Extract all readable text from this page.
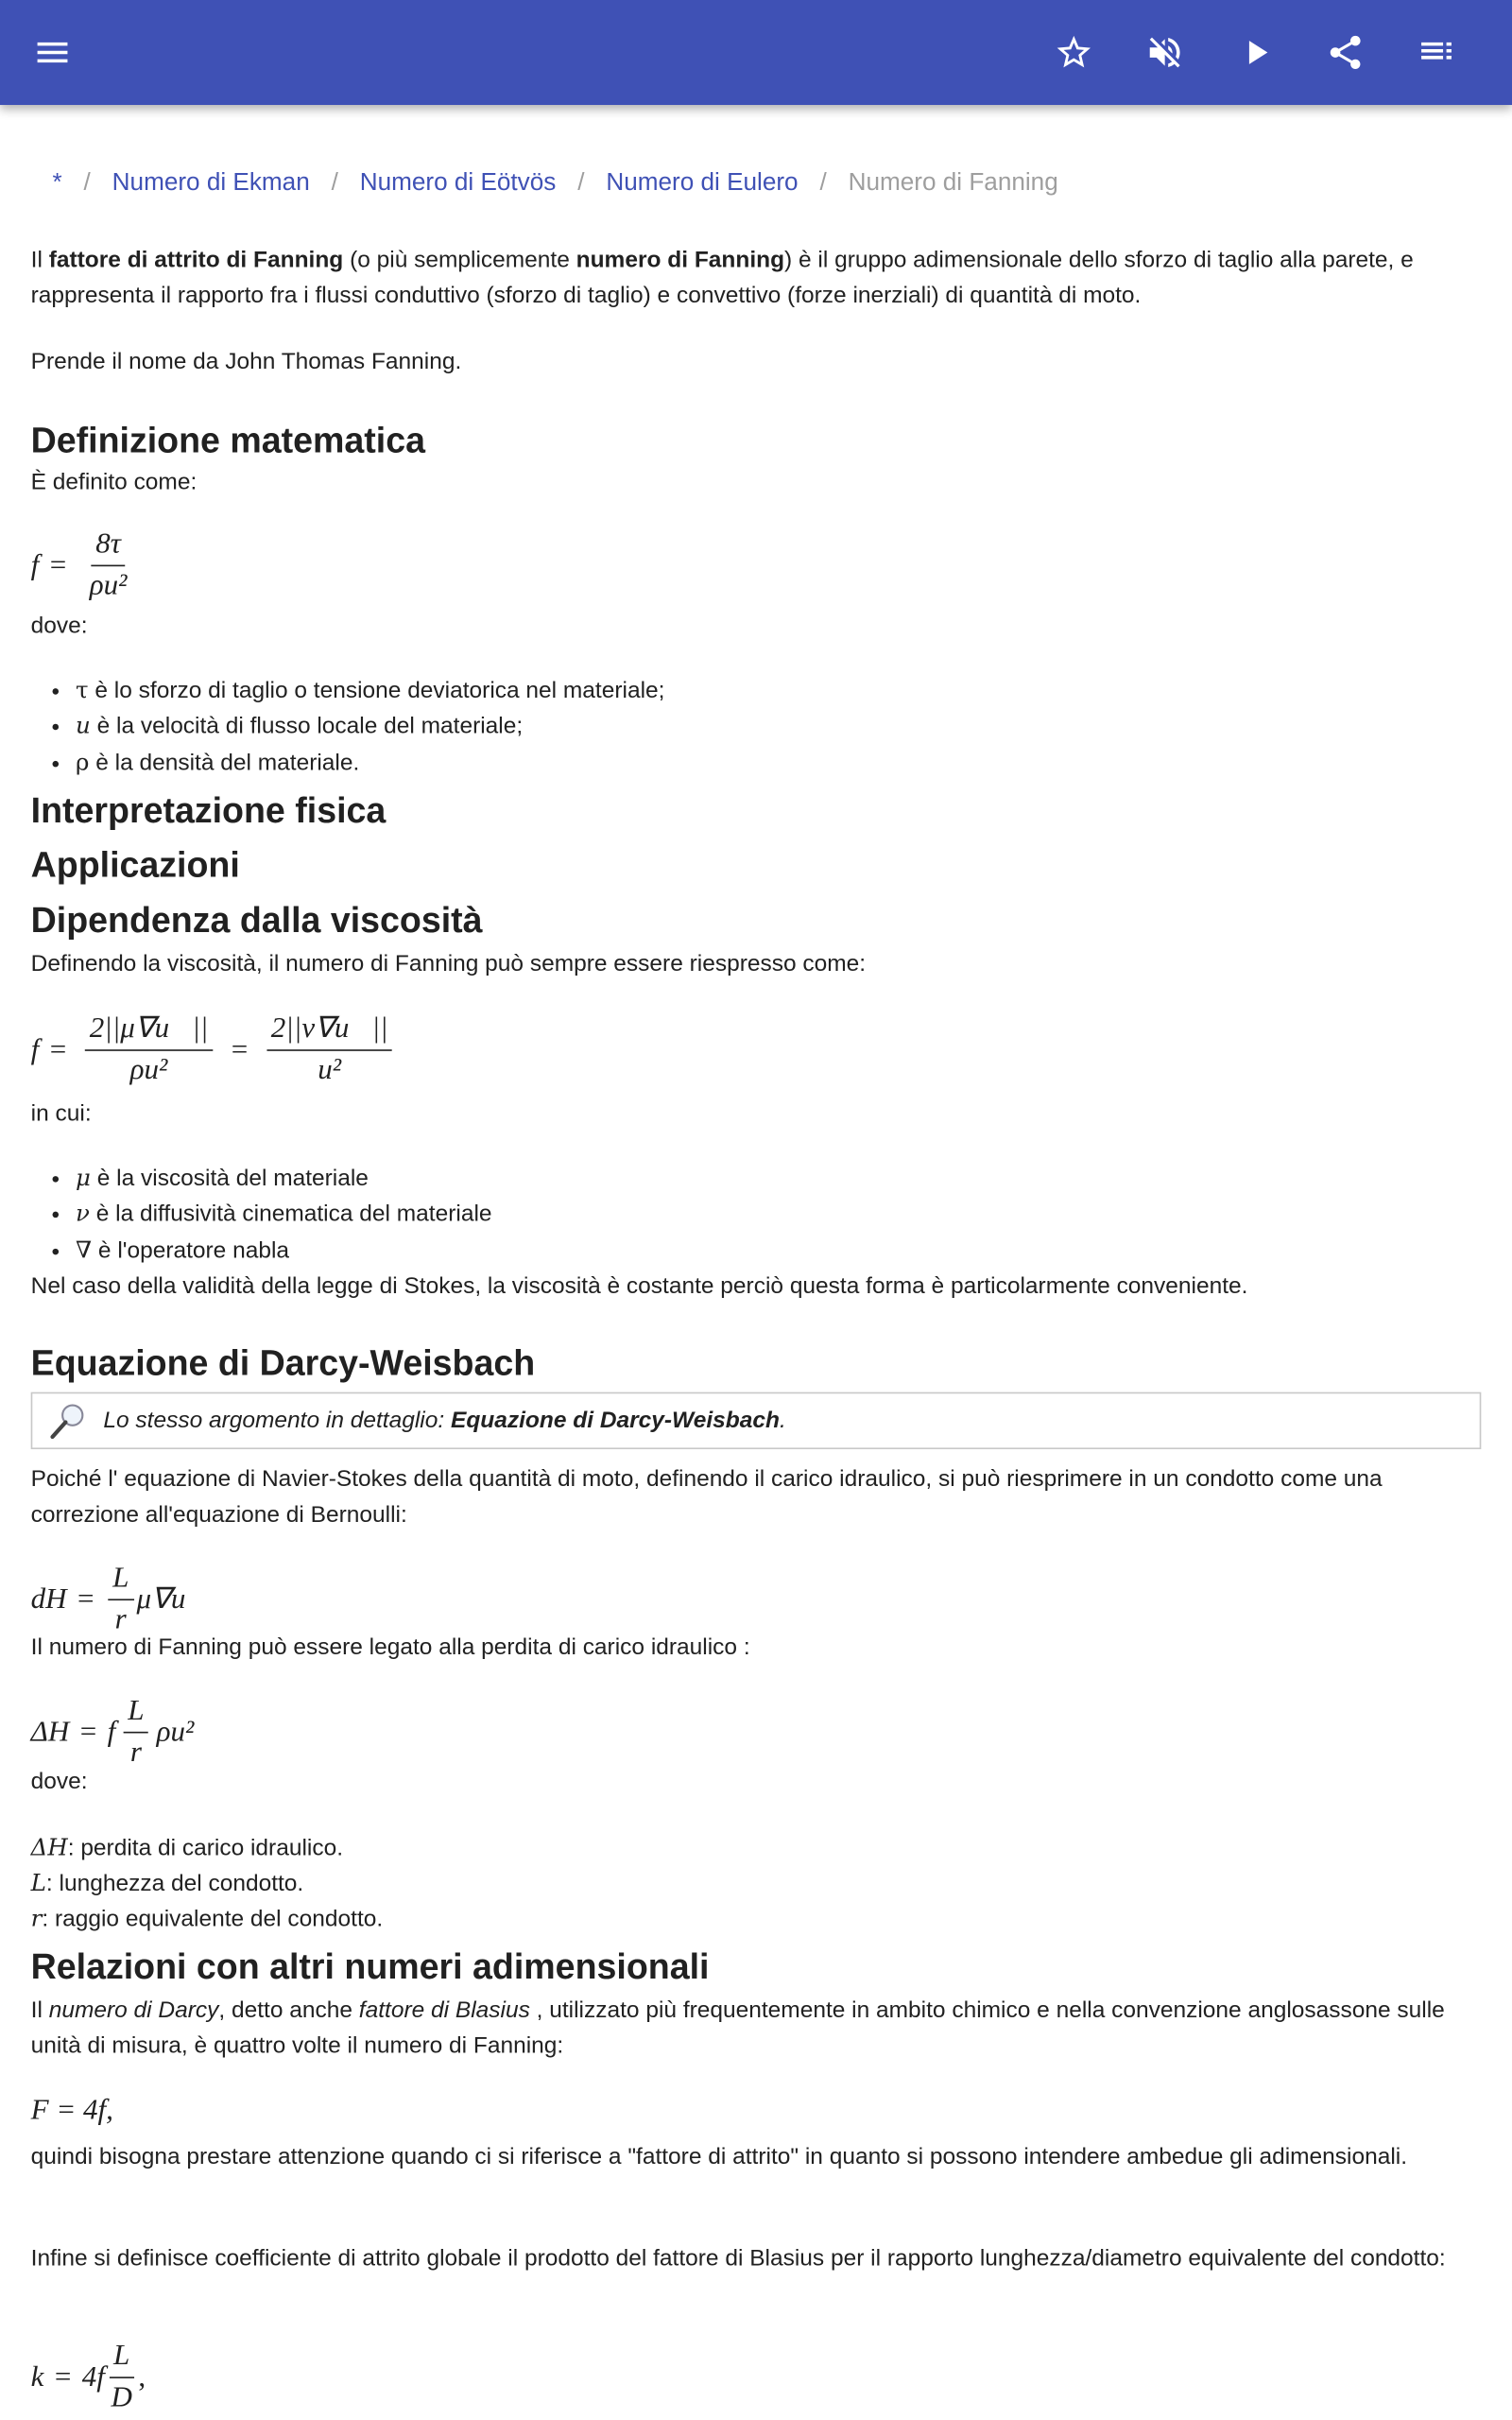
* / Numero di Ekman / Numero di Eötvös / Numero di Eulero / Numero di Fanning
Il fattore di attrito di Fanning (o più semplicemente numero di Fanning) è il gruppo adimensionale dello sforzo di taglio alla parete, e rappresenta il rapporto fra i flussi conduttivo (sforzo di taglio) e convettivo (forze inerziali) di quantità di moto.
Prende il nome da John Thomas Fanning.
Definizione matematica
È definito come:
$f = \frac{8\tau}{\text{ρu²}}$
dove:
• τ è lo sforzo di taglio o tensione deviatorica nel materiale;
• u è la velocità di flusso locale del materiale;
• ρ è la densità del materiale.
Interpretazione fisica
Applicazioni
Dipendenza dalla viscosità
Definendo la viscosità, il numero di Fanning può sempre essere riespresso come:
$f = \frac{2||\mu\nabla u⃗||}{\text{ρu²}} = \frac{2||\nu\nabla u⃗||}{\text{u²}}$
in cui:
• μ è la viscosità del materiale
• ν è la diffusività cinematica del materiale
• ∇ è l'operatore nabla
Nel caso della validità della legge di Stokes, la viscosità è costante perciò questa forma è particolarmente conveniente.
Equazione di Darcy-Weisbach
Lo stesso argomento in dettaglio:
Equazione di Darcy-Weisbach .
Poiché l' equazione di Navier-Stokes della quantità di moto, definendo il carico idraulico, si può riesprimere in un condotto come una correzione all'equazione di Bernoulli:
dH = $\frac{L}{r} \mu\nabla u$
Il numero di Fanning può essere legato alla perdita di carico idraulico :
ΔH = f $\frac{L}{r} \rho u^2$
dove:
ΔH: perdita di carico idraulico.
L: lunghezza del condotto.
r: raggio equivalente del condotto.
Relazioni con altri numeri adimensionali
Il numero di Darcy, detto anche fattore di Blasius , utilizzato più frequentemente in ambito chimico e nella convenzione anglosassone sulle unità di misura, è quattro volte il numero di Fanning:
F = 4f,
quindi bisogna prestare attenzione quando ci si riferisce a "fattore di attrito" in quanto si possono intendere ambedue gli adimensionali.
Infine si definisce coefficiente di attrito globale il prodotto del fattore di Blasius per il rapporto lunghezza/diametro equivalente del condotto:
$k = 4f \frac{L}{D}$ ,
